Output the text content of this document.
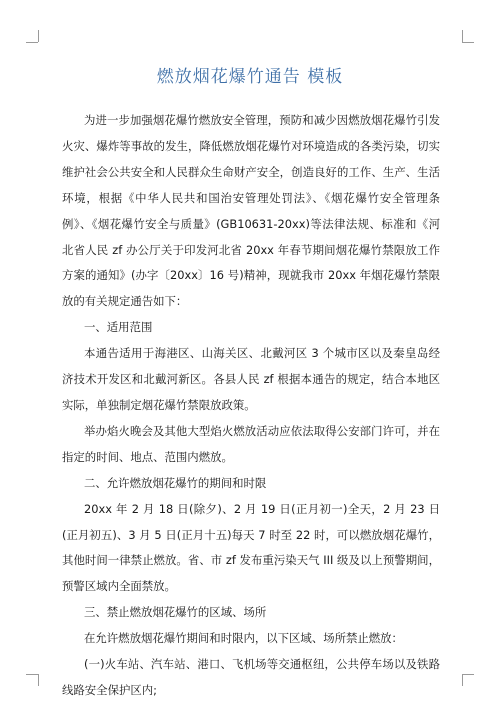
燃放烟花爆竹通告 模板

为进一步加强烟花爆竹燃放安全管理，预防和减少因燃放烟花爆竹引发火灾、爆炸等事故的发生，降低燃放烟花爆竹对环境造成的各类污染，切实维护社会公共安全和人民群众生命财产安全，创造良好的工作、生产、生活环境，根据《中华人民共和国治安管理处罚法》、《烟花爆竹安全管理条例》、《烟花爆竹安全与质量》(GB10631-20xx)等法律法规、标准和《河北省人民 zf 办公厅关于印发河北省 20xx 年春节期间烟花爆竹禁限放工作方案的通知》(办字〔20xx〕16 号)精神，现就我市 20xx 年烟花爆竹禁限放的有关规定通告如下：

一、适用范围

本通告适用于海港区、山海关区、北戴河区 3 个城市区以及秦皇岛经济技术开发区和北戴河新区。各县人民 zf 根据本通告的规定，结合本地区实际，单独制定烟花爆竹禁限放政策。

举办焰火晚会及其他大型焰火燃放活动应依法取得公安部门许可，并在指定的时间、地点、范围内燃放。

二、允许燃放烟花爆竹的期间和时限

20xx 年 2 月 18 日(除夕)、2 月 19 日(正月初一)全天，2 月 23 日(正月初五)、3 月 5 日(正月十五)每天 7 时至 22 时，可以燃放烟花爆竹，其他时间一律禁止燃放。省、市 zf 发布重污染天气 III 级及以上预警期间，预警区域内全面禁放。

三、禁止燃放烟花爆竹的区域、场所

在允许燃放烟花爆竹期间和时限内，以下区域、场所禁止燃放：

(一)火车站、汽车站、港口、飞机场等交通枢纽，公共停车场以及铁路线路安全保护区内;
